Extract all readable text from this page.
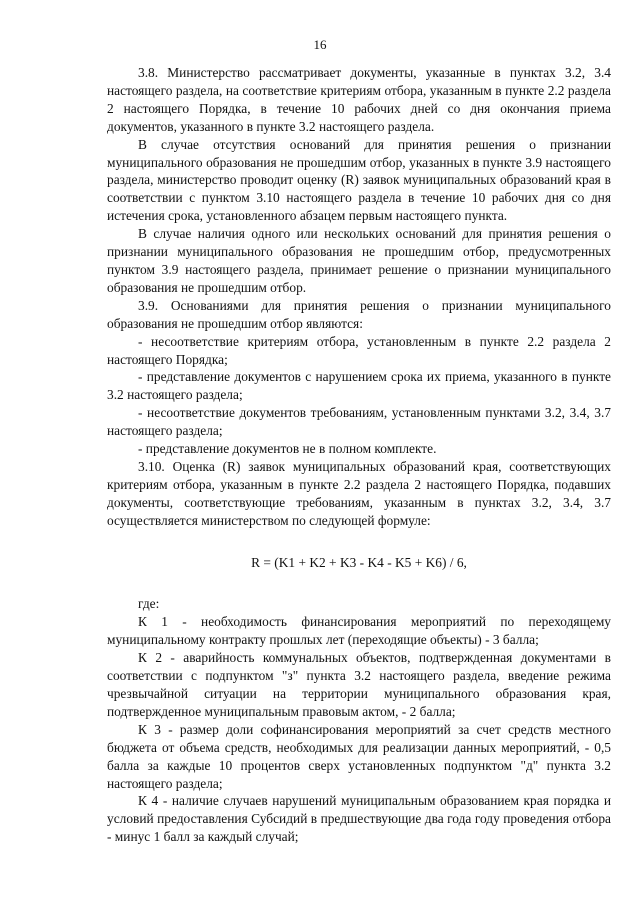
16

3.8. Министерство рассматривает документы, указанные в пунктах 3.2, 3.4 настоящего раздела, на соответствие критериям отбора, указанным в пункте 2.2 раздела 2 настоящего Порядка, в течение 10 рабочих дней со дня окончания приема документов, указанного в пункте 3.2 настоящего раздела.

В случае отсутствия оснований для принятия решения о признании муниципального образования не прошедшим отбор, указанных в пункте 3.9 настоящего раздела, министерство проводит оценку (R) заявок муниципальных образований края в соответствии с пунктом 3.10 настоящего раздела в течение 10 рабочих дня со дня истечения срока, установленного абзацем первым настоящего пункта.

В случае наличия одного или нескольких оснований для принятия решения о признании муниципального образования не прошедшим отбор, предусмотренных пунктом 3.9 настоящего раздела, принимает решение о признании муниципального образования не прошедшим отбор.

3.9. Основаниями для принятия решения о признании муниципального образования не прошедшим отбор являются:

- несоответствие критериям отбора, установленным в пункте 2.2 раздела 2 настоящего Порядка;

- представление документов с нарушением срока их приема, указанного в пункте 3.2 настоящего раздела;

- несоответствие документов требованиям, установленным пунктами 3.2, 3.4, 3.7 настоящего раздела;

- представление документов не в полном комплекте.

3.10. Оценка (R) заявок муниципальных образований края, соответствующих критериям отбора, указанным в пункте 2.2 раздела 2 настоящего Порядка, подавших документы, соответствующие требованиям, указанным в пунктах 3.2, 3.4, 3.7 осуществляется министерством по следующей формуле:

R = (K1 + K2 + K3 - K4 - K5 + K6) / 6,

где:

К 1 - необходимость финансирования мероприятий по переходящему муниципальному контракту прошлых лет (переходящие объекты) - 3 балла;

К 2 - аварийность коммунальных объектов, подтвержденная документами в соответствии с подпунктом "з" пункта 3.2 настоящего раздела, введение режима чрезвычайной ситуации на территории муниципального образования края, подтвержденное муниципальным правовым актом, - 2 балла;

К 3 - размер доли софинансирования мероприятий за счет средств местного бюджета от объема средств, необходимых для реализации данных мероприятий, - 0,5 балла за каждые 10 процентов сверх установленных подпунктом "д" пункта 3.2 настоящего раздела;

К 4 - наличие случаев нарушений муниципальным образованием края порядка и условий предоставления Субсидий в предшествующие два года году проведения отбора - минус 1 балл за каждый случай;
